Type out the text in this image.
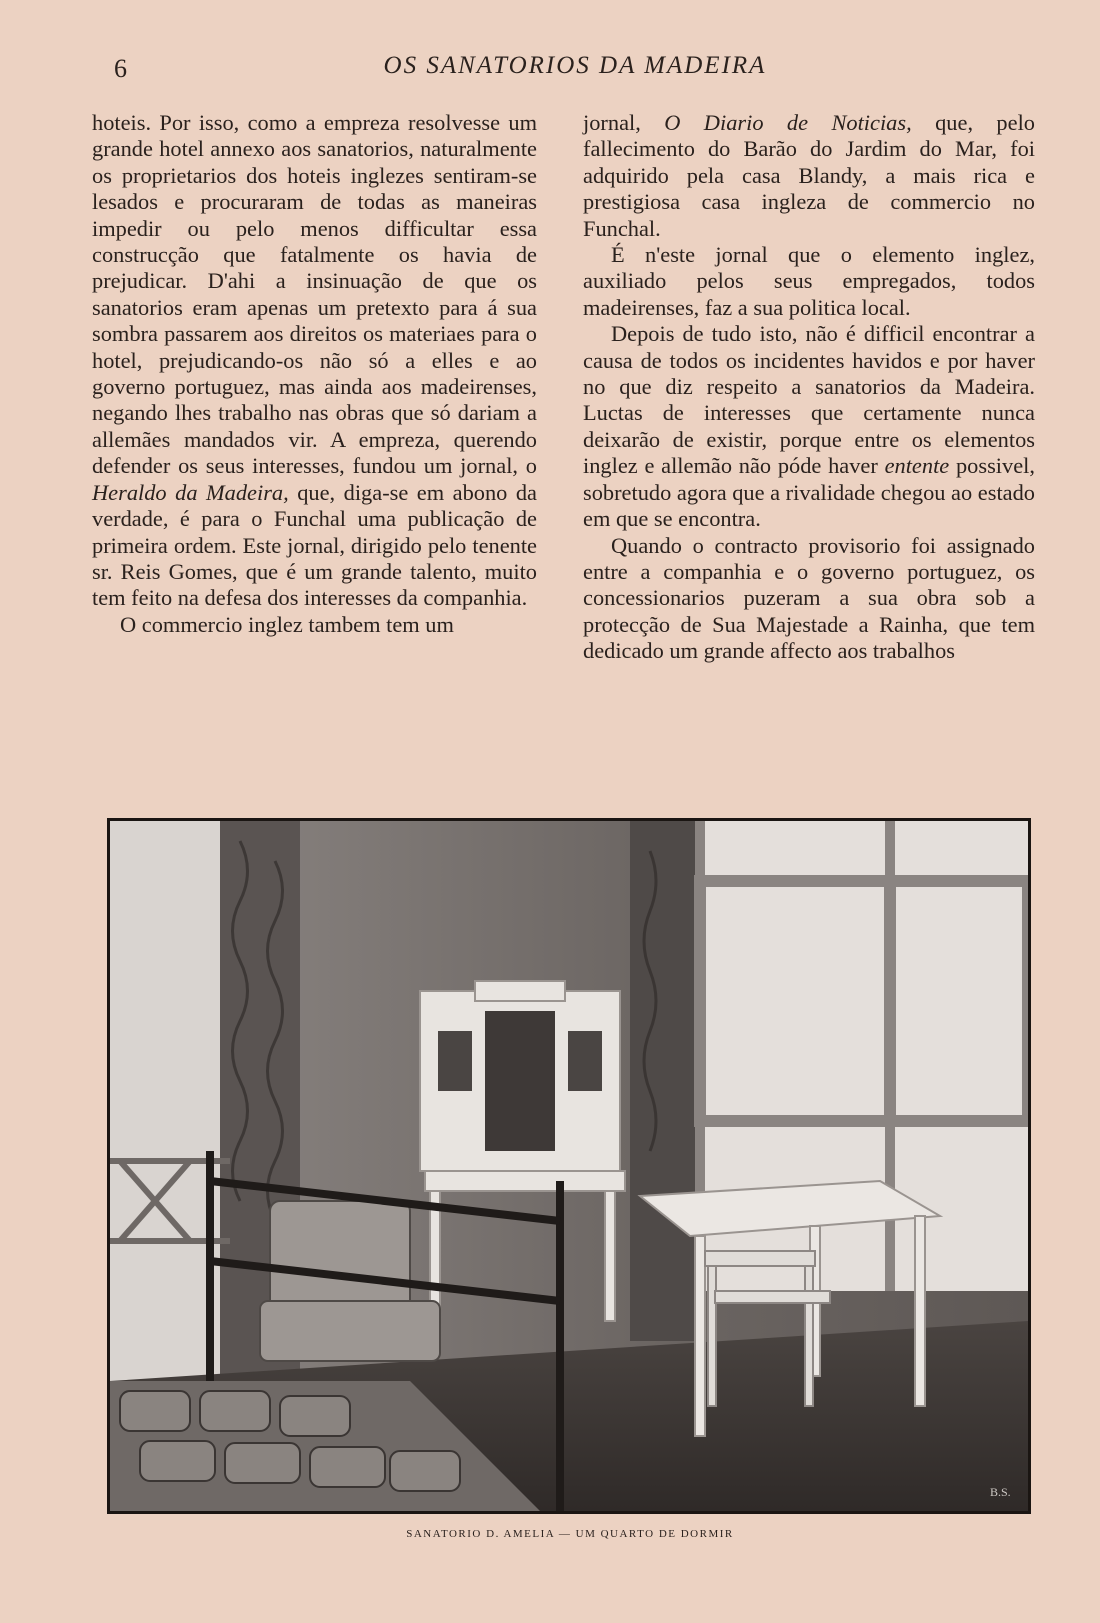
6	OS SANATORIOS DA MADEIRA

hoteis. Por isso, como a empreza resolvesse um grande hotel annexo aos sanatorios, naturalmente os proprietarios dos hoteis inglezes sentiram-se lesados e procuraram de todas as maneiras impedir ou pelo menos difficultar essa construcção que fatalmente os havia de prejudicar. D'ahi a insinuação de que os sanatorios eram apenas um pretexto para á sua sombra passarem aos direitos os materiaes para o hotel, prejudicando-os não só a elles e ao governo portuguez, mas ainda aos madeirenses, negando lhes trabalho nas obras que só dariam a allemães mandados vir. A empreza, querendo defender os seus interesses, fundou um jornal, o Heraldo da Madeira, que, diga-se em abono da verdade, é para o Funchal uma publicação de primeira ordem. Este jornal, dirigido pelo tenente sr. Reis Gomes, que é um grande talento, muito tem feito na defesa dos interesses da companhia.

O commercio inglez tambem tem um

jornal, O Diario de Noticias, que, pelo fallecimento do Barão do Jardim do Mar, foi adquirido pela casa Blandy, a mais rica e prestigiosa casa ingleza de commercio no Funchal.

É n'este jornal que o elemento inglez, auxiliado pelos seus empregados, todos madeirenses, faz a sua politica local.

Depois de tudo isto, não é difficil encontrar a causa de todos os incidentes havidos e por haver no que diz respeito a sanatorios da Madeira. Luctas de interesses que certamente nunca deixarão de existir, porque entre os elementos inglez e allemão não póde haver entente possivel, sobretudo agora que a rivalidade chegou ao estado em que se encontra.

Quando o contracto provisorio foi assignado entre a companhia e o governo portuguez, os concessionarios puzeram a sua obra sob a protecção de Sua Majestade a Rainha, que tem dedicado um grande affecto aos trabalhos

B.S.
SANATORIO D. AMELIA — UM QUARTO DE DORMIR
